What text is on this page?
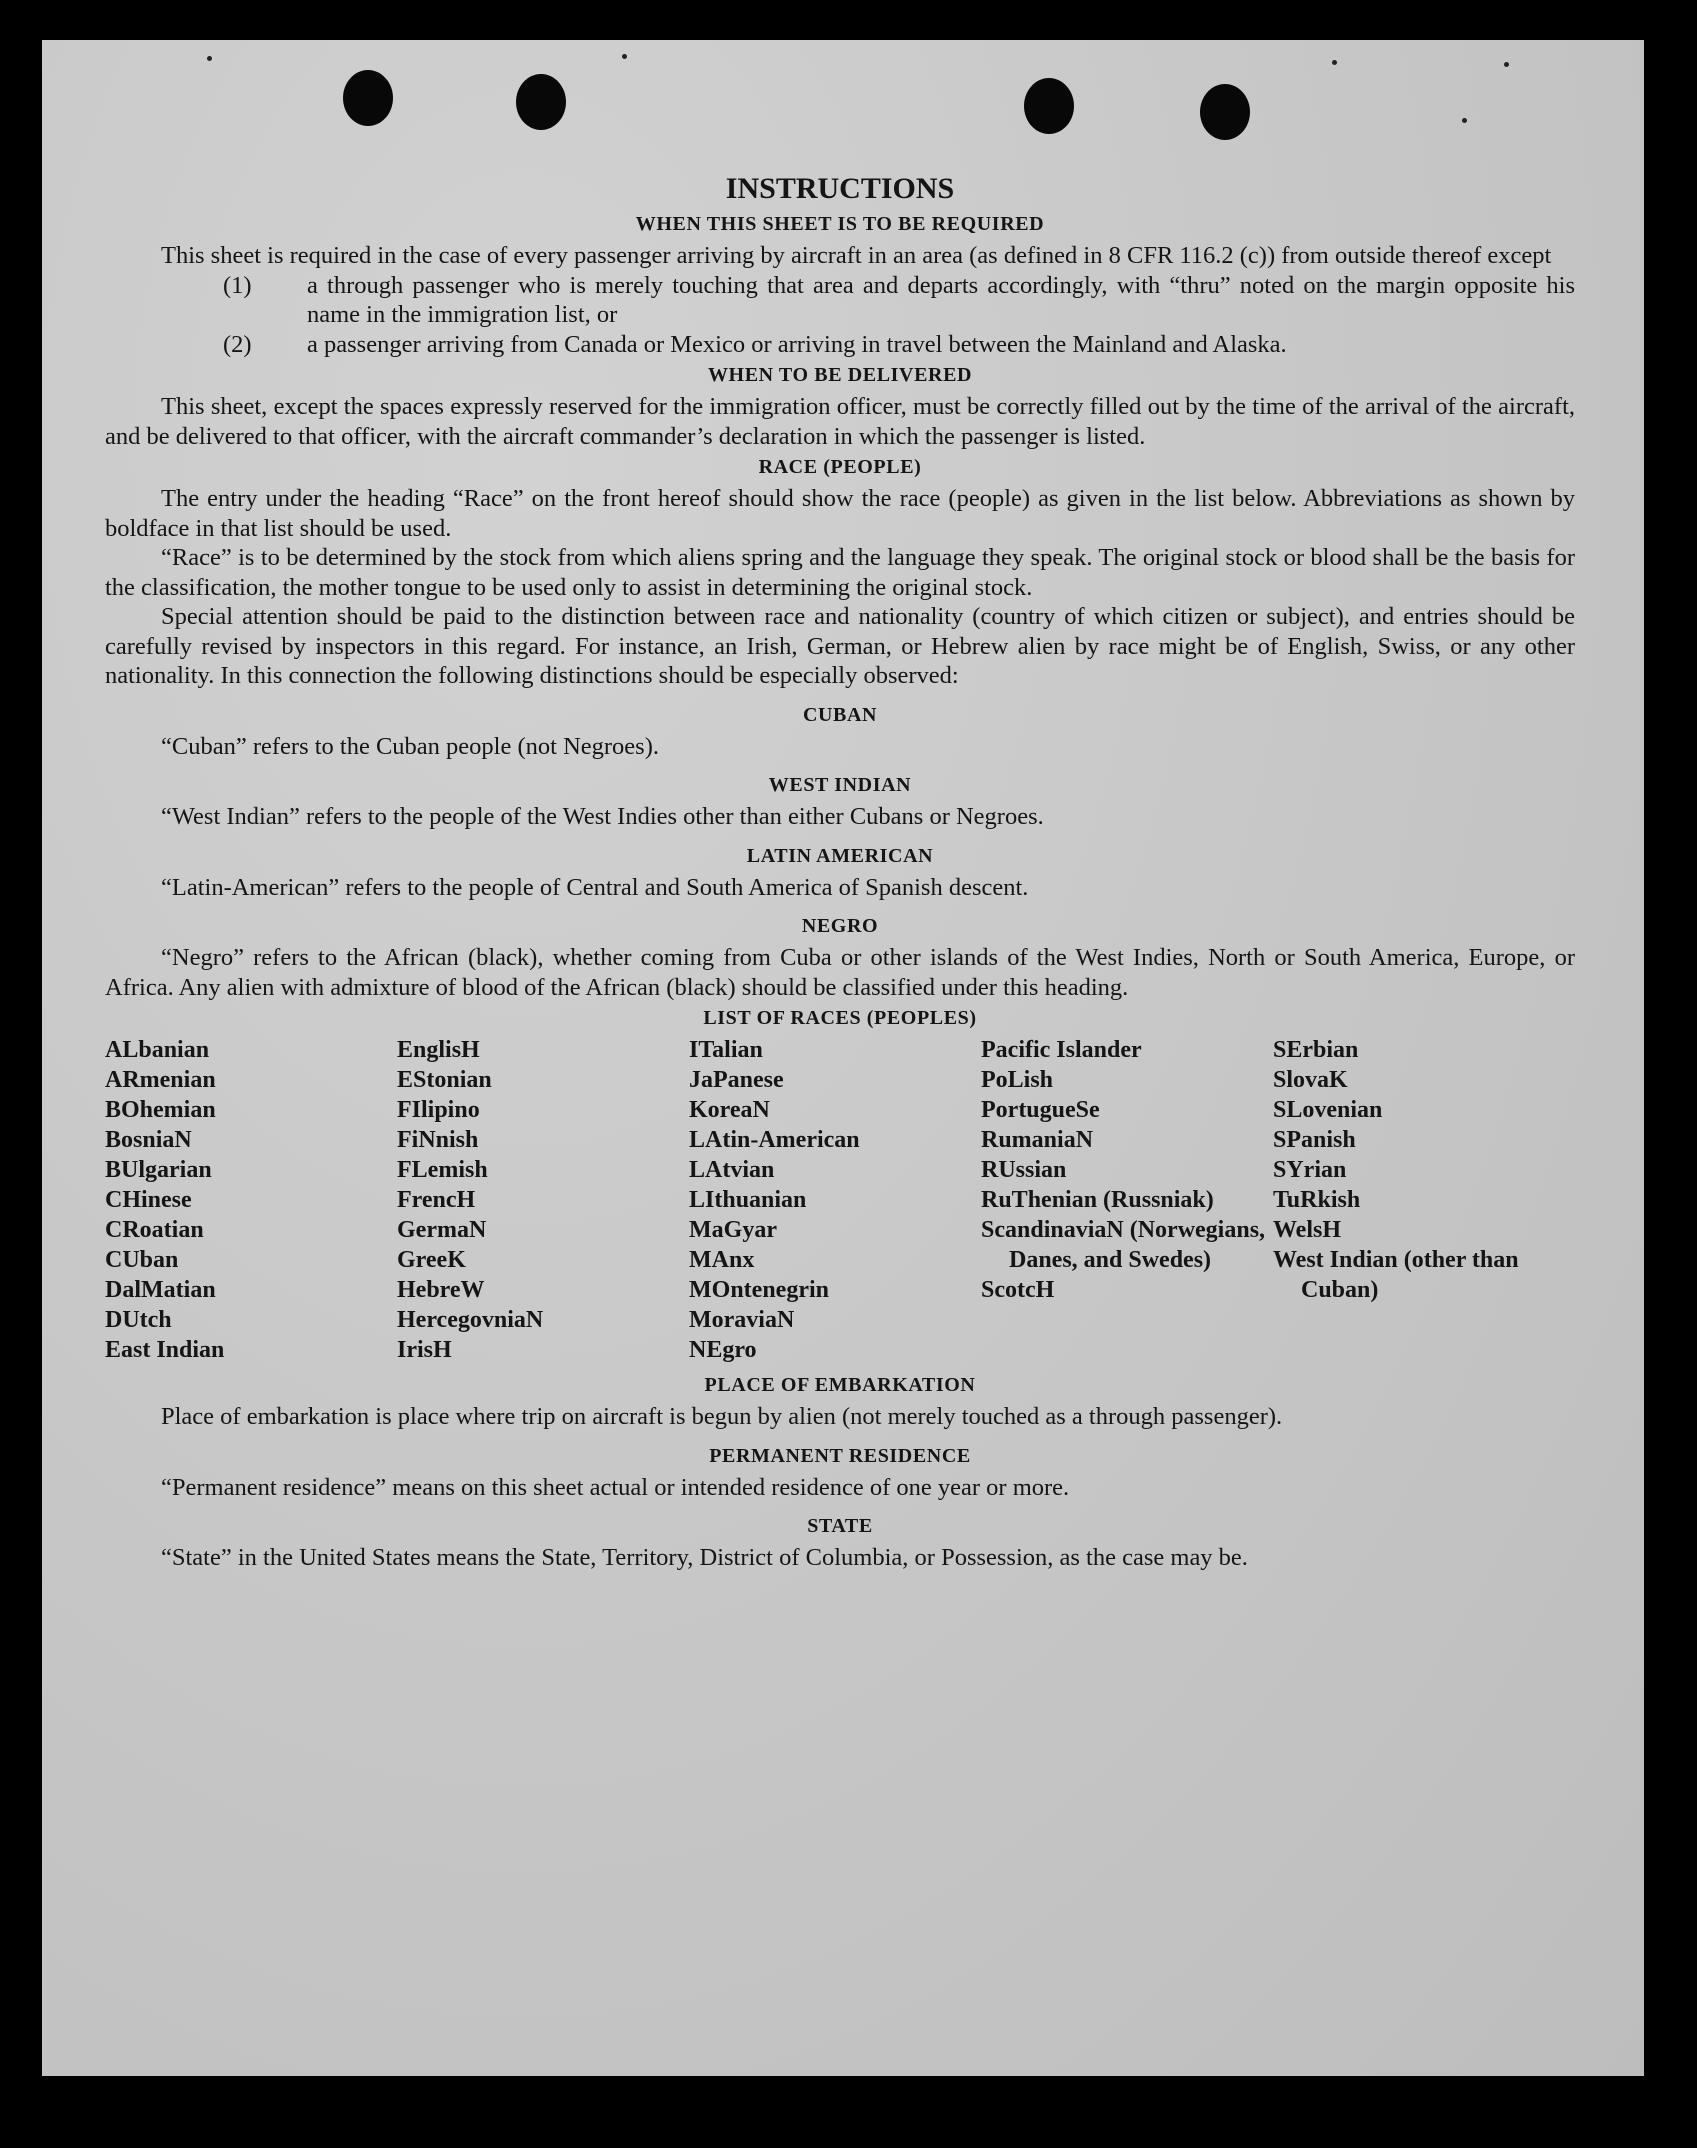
INSTRUCTIONS
WHEN THIS SHEET IS TO BE REQUIRED

This sheet is required in the case of every passenger arriving by aircraft in an area (as defined in 8 CFR 116.2 (c)) from outside thereof except

(1) a through passenger who is merely touching that area and departs accordingly, with “thru” noted on the margin opposite his name in the immigration list, or
(2) a passenger arriving from Canada or Mexico or arriving in travel between the Mainland and Alaska.
WHEN TO BE DELIVERED

This sheet, except the spaces expressly reserved for the immigration officer, must be correctly filled out by the time of the arrival of the aircraft, and be delivered to that officer, with the aircraft commander’s declaration in which the passenger is listed.

RACE (PEOPLE)

The entry under the heading “Race” on the front hereof should show the race (people) as given in the list below. Abbreviations as shown by boldface in that list should be used.

“Race” is to be determined by the stock from which aliens spring and the language they speak. The original stock or blood shall be the basis for the classification, the mother tongue to be used only to assist in determining the original stock.

Special attention should be paid to the distinction between race and nationality (country of which citizen or subject), and entries should be carefully revised by inspectors in this regard. For instance, an Irish, German, or Hebrew alien by race might be of English, Swiss, or any other nationality. In this connection the following distinctions should be especially observed:

CUBAN

“Cuban” refers to the Cuban people (not Negroes).

WEST INDIAN

“West Indian” refers to the people of the West Indies other than either Cubans or Negroes.

LATIN AMERICAN

“Latin-American” refers to the people of Central and South America of Spanish descent.

NEGRO

“Negro” refers to the African (black), whether coming from Cuba or other islands of the West Indies, North or South America, Europe, or Africa. Any alien with admixture of blood of the African (black) should be classified under this heading.

LIST OF RACES (PEOPLES)
ALbanian
ARmenian
BOhemian
BosniaN
BUlgarian
CHinese
CRoatian
CUban
DalMatian
DUtch
East Indian
EnglisH
EStonian
FIlipino
FiNnish
FLemish
FrencH
GermaN
GreeK
HebreW
HercegovniaN
IrisH
ITalian
JaPanese
KoreaN
LAtin-American
LAtvian
LIthuanian
MaGyar
MAnx
MOntenegrin
MoraviaN
NEgro
Pacific Islander
PoLish
PortugueSe
RumaniaN
RUssian
RuThenian (Russniak)
ScandinaviaN (Norwegians, Danes, and Swedes)
ScotcH
SErbian
SlovaK
SLovenian
SPanish
SYrian
TuRkish
WelsH
West Indian (other than Cuban)
PLACE OF EMBARKATION

Place of embarkation is place where trip on aircraft is begun by alien (not merely touched as a through passenger).

PERMANENT RESIDENCE

“Permanent residence” means on this sheet actual or intended residence of one year or more.

STATE

“State” in the United States means the State, Territory, District of Columbia, or Possession, as the case may be.
